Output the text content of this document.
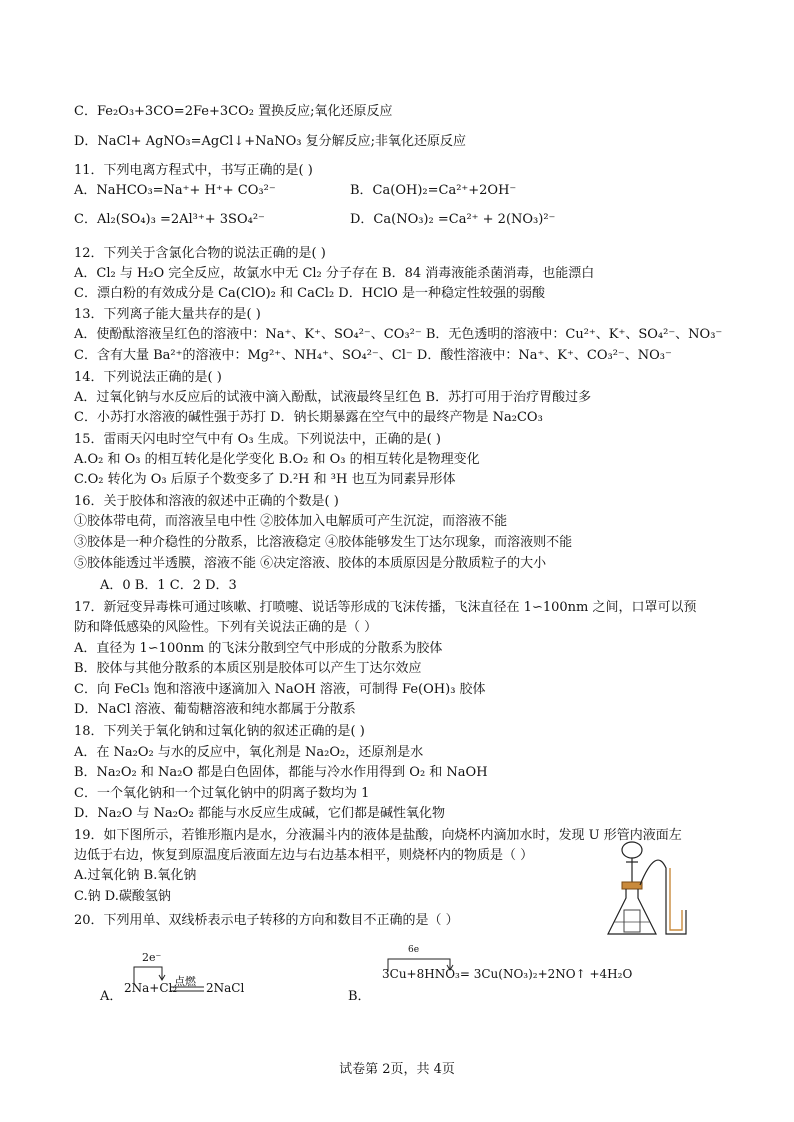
C．Fe₂O₃+3CO=2Fe+3CO₂ 置换反应;氧化还原反应
D．NaCl+ AgNO₃=AgCl↓+NaNO₃ 复分解反应;非氧化还原反应
11．下列电离方程式中，书写正确的是( )
A．NaHCO₃=Na⁺+ H⁺+ CO₃²⁻	B．Ca(OH)₂=Ca²⁺+2OH⁻
C．Al₂(SO₄)₃ =2Al³⁺+ 3SO₄²⁻	D．Ca(NO₃)₂ =Ca²⁺ + 2(NO₃)²⁻
12．下列关于含氯化合物的说法正确的是( )
A．Cl₂ 与 H₂O 完全反应，故氯水中无 Cl₂ 分子存在 B．84 消毒液能杀菌消毒，也能漂白
C．漂白粉的有效成分是 Ca(ClO)₂ 和 CaCl₂ D．HClO 是一种稳定性较强的弱酸
13．下列离子能大量共存的是( )
A．使酚酞溶液呈红色的溶液中：Na⁺、K⁺、SO₄²⁻、CO₃²⁻ B．无色透明的溶液中：Cu²⁺、K⁺、SO₄²⁻、NO₃⁻
C．含有大量 Ba²⁺的溶液中：Mg²⁺、NH₄⁺、SO₄²⁻、Cl⁻ D．酸性溶液中：Na⁺、K⁺、CO₃²⁻、NO₃⁻
14．下列说法正确的是( )
A．过氧化钠与水反应后的试液中滴入酚酞，试液最终呈红色 B．苏打可用于治疗胃酸过多
C．小苏打水溶液的碱性强于苏打 D．钠长期暴露在空气中的最终产物是 Na₂CO₃
15．雷雨天闪电时空气中有 O₃ 生成。下列说法中，正确的是( )
A.O₂ 和 O₃ 的相互转化是化学变化 B.O₂ 和 O₃ 的相互转化是物理变化
C.O₂ 转化为 O₃ 后原子个数变多了 D.²H 和 ³H 也互为同素异形体
16．关于胶体和溶液的叙述中正确的个数是( )
①胶体带电荷，而溶液呈电中性 ②胶体加入电解质可产生沉淀，而溶液不能
③胶体是一种介稳性的分散系，比溶液稳定 ④胶体能够发生丁达尔现象，而溶液则不能
⑤胶体能透过半透膜，溶液不能 ⑥决定溶液、胶体的本质原因是分散质粒子的大小
A．0 B．1 C．2 D．3
17．新冠变异毒株可通过咳嗽、打喷嚏、说话等形成的飞沫传播，飞沫直径在 1∽100nm 之间，口罩可以预
防和降低感染的风险性。下列有关说法正确的是（ ）
A．直径为 1∽100nm 的飞沫分散到空气中形成的分散系为胶体
B．胶体与其他分散系的本质区别是胶体可以产生丁达尔效应
C．向 FeCl₃ 饱和溶液中逐滴加入 NaOH 溶液，可制得 Fe(OH)₃ 胶体
D．NaCl 溶液、葡萄糖溶液和纯水都属于分散系
18．下列关于氧化钠和过氧化钠的叙述正确的是( )
A．在 Na₂O₂ 与水的反应中，氧化剂是 Na₂O₂，还原剂是水
B．Na₂O₂ 和 Na₂O 都是白色固体，都能与冷水作用得到 O₂ 和 NaOH
C．一个氧化钠和一个过氧化钠中的阴离子数均为 1
D．Na₂O 与 Na₂O₂ 都能与水反应生成碱，它们都是碱性氧化物
19．如下图所示，若锥形瓶内是水，分液漏斗内的液体是盐酸，向烧杯内滴加水时，发现 U 形管内液面左
边低于右边，恢复到原温度后液面左边与右边基本相平，则烧杯内的物质是（ ）
A.过氧化钠 B.氧化钠
C.钠 D.碳酸氢钠
20．下列用单、双线桥表示电子转移的方向和数目不正确的是（ ）
A．
2e⁻
2Na+Cl₂
点燃 2NaCl
B．
6e
3Cu+8HNO₃= 3Cu(NO₃)₂+2NO↑ +4H₂O
试卷第 2页，共 4页
